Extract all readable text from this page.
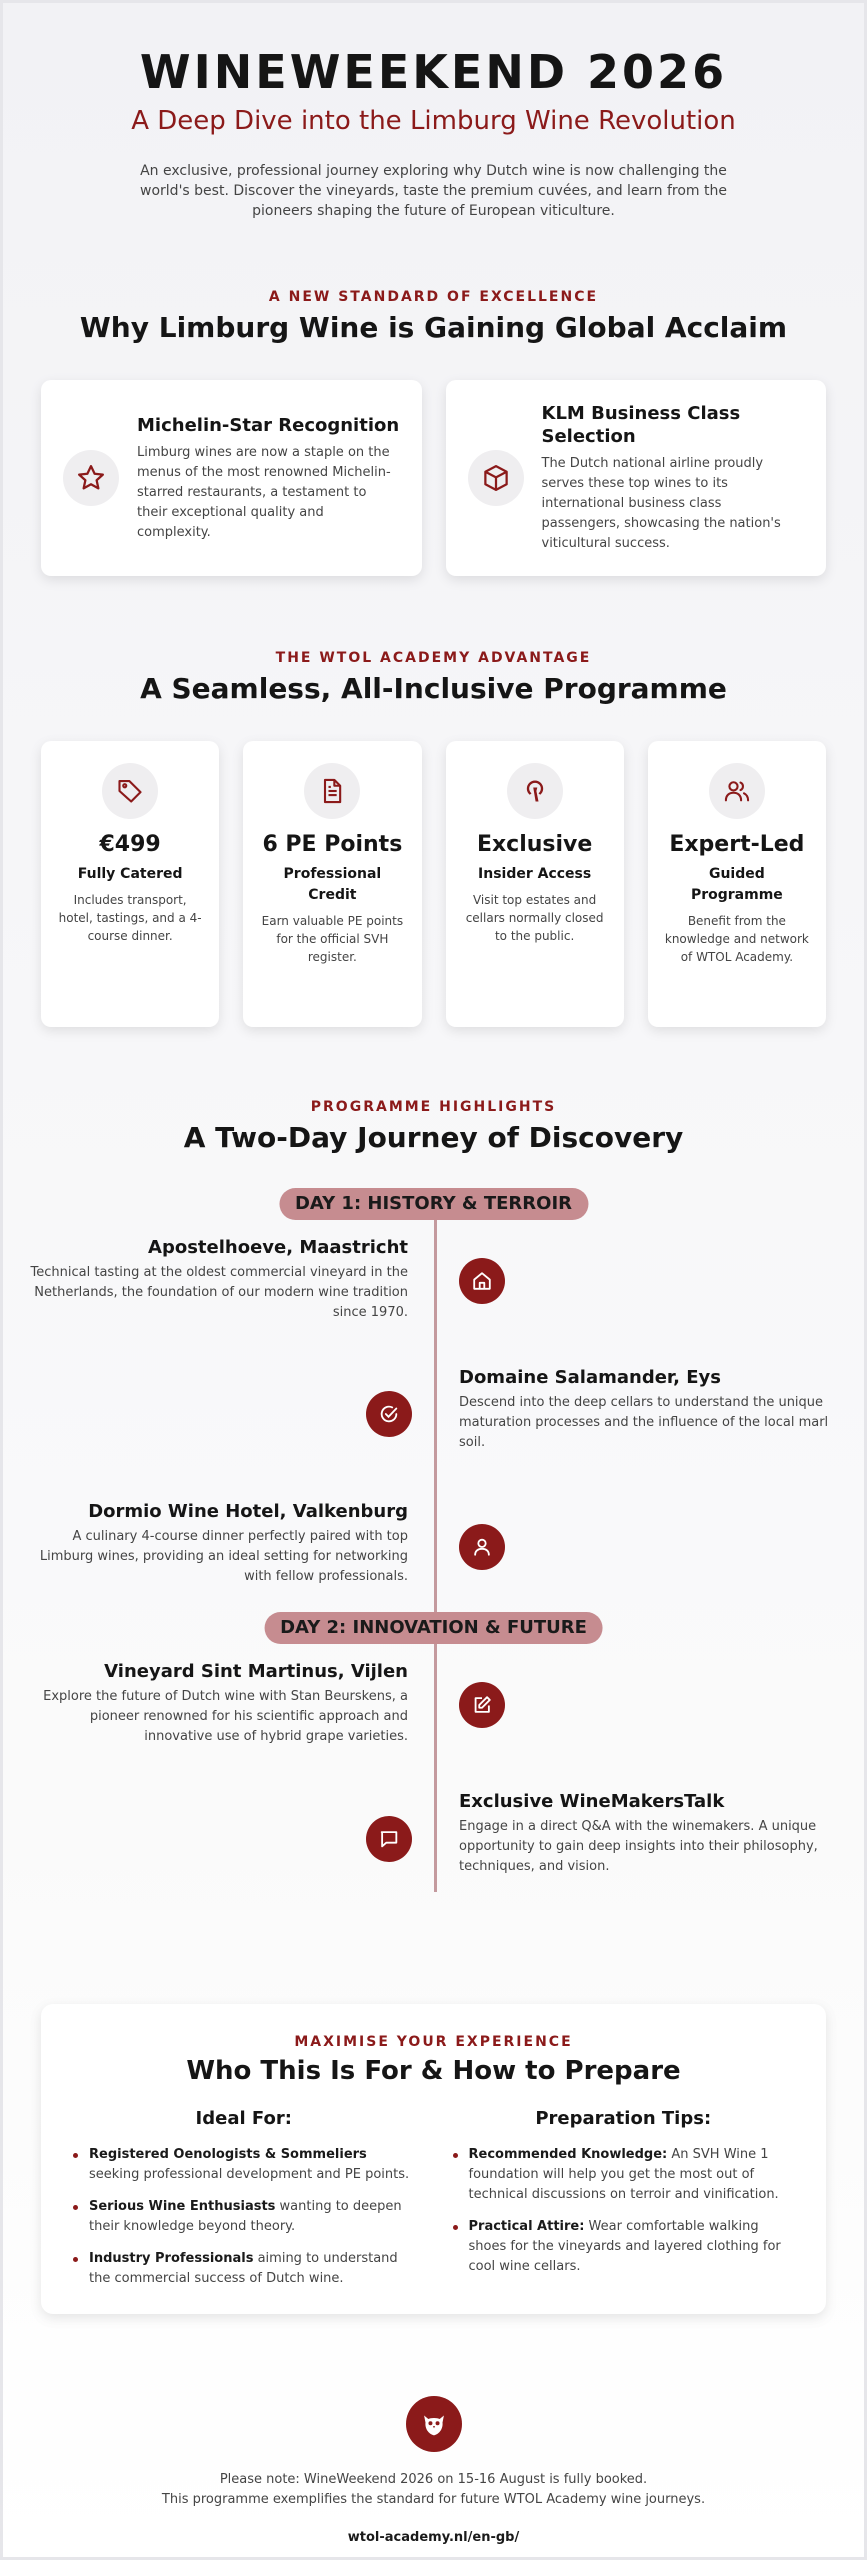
WINEWEEKEND 2026
A Deep Dive into the Limburg Wine Revolution

An exclusive, professional journey exploring why Dutch wine is now challenging the world's best. Discover the vineyards, taste the premium cuvées, and learn from the pioneers shaping the future of European viticulture.

A NEW STANDARD OF EXCELLENCE
Why Limburg Wine is Gaining Global Acclaim
Michelin-Star Recognition

Limburg wines are now a staple on the menus of the most renowned Michelin-starred restaurants, a testament to their exceptional quality and complexity.

KLM Business Class Selection

The Dutch national airline proudly serves these top wines to its international business class passengers, showcasing the nation's viticultural success.

THE WTOL ACADEMY ADVANTAGE
A Seamless, All-Inclusive Programme
€499
Fully Catered
Includes transport, hotel, tastings, and a 4-course dinner.
6 PE Points
Professional Credit
Earn valuable PE points for the official SVH register.
Exclusive
Insider Access
Visit top estates and cellars normally closed to the public.
Expert-Led
Guided Programme
Benefit from the knowledge and network of WTOL Academy.
PROGRAMME HIGHLIGHTS
A Two-Day Journey of Discovery
DAY 1: HISTORY & TERROIR
Apostelhoeve, Maastricht

Technical tasting at the oldest commercial vineyard in the Netherlands, the foundation of our modern wine tradition since 1970.

Domaine Salamander, Eys

Descend into the deep cellars to understand the unique maturation processes and the influence of the local marl soil.

Dormio Wine Hotel, Valkenburg

A culinary 4-course dinner perfectly paired with top Limburg wines, providing an ideal setting for networking with fellow professionals.

DAY 2: INNOVATION & FUTURE
Vineyard Sint Martinus, Vijlen

Explore the future of Dutch wine with Stan Beurskens, a pioneer renowned for his scientific approach and innovative use of hybrid grape varieties.

Exclusive WineMakersTalk

Engage in a direct Q&A with the winemakers. A unique opportunity to gain deep insights into their philosophy, techniques, and vision.

MAXIMISE YOUR EXPERIENCE
Who This Is For & How to Prepare
Ideal For:
Registered Oenologists & Sommeliers seeking professional development and PE points.
Serious Wine Enthusiasts wanting to deepen their knowledge beyond theory.
Industry Professionals aiming to understand the commercial success of Dutch wine.
Preparation Tips:
Recommended Knowledge: An SVH Wine 1 foundation will help you get the most out of technical discussions on terroir and vinification.
Practical Attire: Wear comfortable walking shoes for the vineyards and layered clothing for cool wine cellars.

Please note: WineWeekend 2026 on 15-16 August is fully booked.

This programme exemplifies the standard for future WTOL Academy wine journeys.

wtol-academy.nl/en-gb/
